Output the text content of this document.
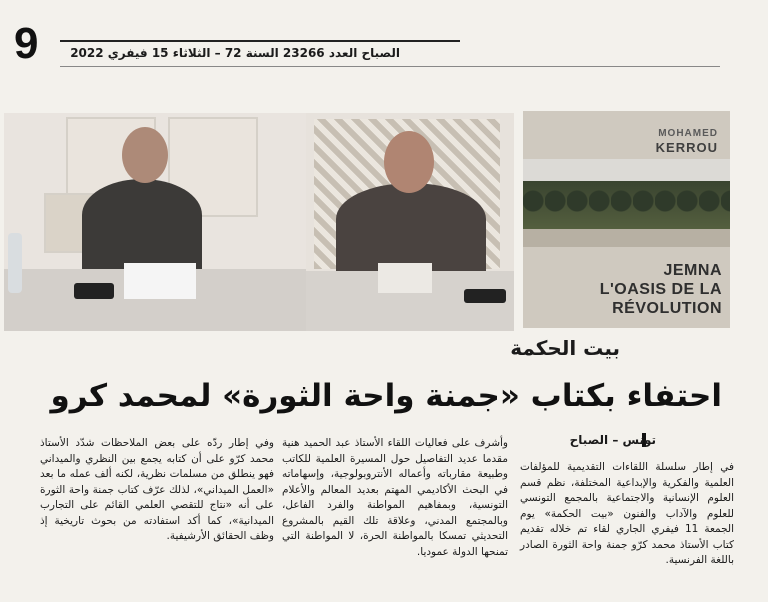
9	الصباح العدد 23266 السنة 72 – الثلاثاء 15 فيفري 2022
MOHAMED
KERROU
JEMNA
L'OASIS DE LA
RÉVOLUTION
بيت الحكمة
احتفاء بكتاب «جمنة واحة الثورة» لمحمد كرو
تونس – الصباح
في إطار سلسلة اللقاءات التقديمية للمؤلفات العلمية والفكرية والإبداعية المختلفة، نظم قسم العلوم الإنسانية والاجتماعية بالمجمع التونسي للعلوم والآداب والفنون «بيت الحكمة» يوم الجمعة 11 فيفري الجاري لقاء تم خلاله تقديم كتاب الأستاذ محمد كرّو جمنة واحة الثورة الصادر باللغة الفرنسية.
وأشرف على فعاليات اللقاء الأستاذ عبد الحميد هنية مقدما عديد التفاصيل حول المسيرة العلمية للكاتب وطبيعة مقارباته وأعماله الأنتروبولوجية، وإسهاماته في البحث الأكاديمي المهتم بعديد المعالم والأعلام التونسية، وبمفاهيم المواطنة والفرد الفاعل، وبالمجتمع المدني، وعلاقة تلك القيم بالمشروع التحديثي تمسكا بالمواطنة الحرة، لا المواطنة التي تمنحها الدولة عموديا.
وفي إطار ردّه على بعض الملاحظات شدّد الأستاذ محمد كرّو على أن كتابه يجمع بين النظري والميداني فهو ينطلق من مسلمات نظرية، لكنه ألف عمله ما بعد «العمل الميداني»، لذلك عرّف كتاب جمنة واحة الثورة على أنه «نتاج للتقصي العلمي القائم على التجارب الميدانية»، كما أكد استفادته من بحوث تاريخية إذ وظف الحقائق الأرشيفية.
